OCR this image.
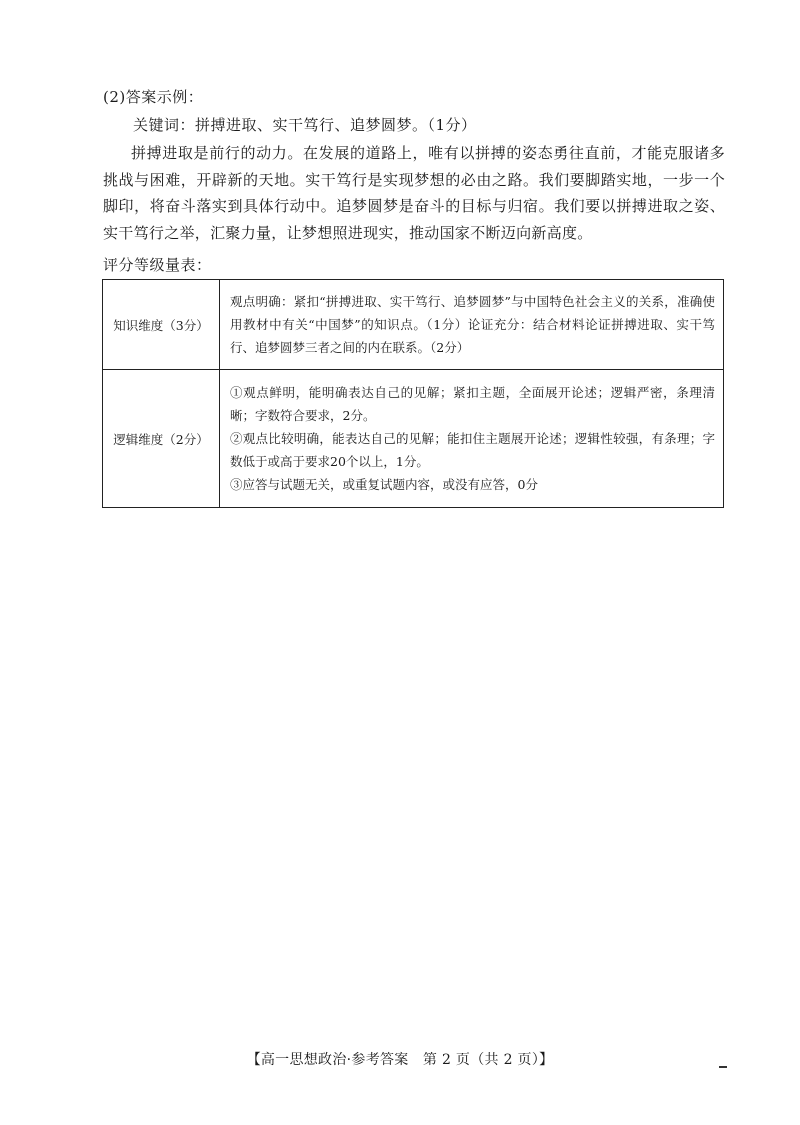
(2)答案示例：
关键词：拼搏进取、实干笃行、追梦圆梦。（1分）
拼搏进取是前行的动力。在发展的道路上，唯有以拼搏的姿态勇往直前，才能克服诸多挑战与困难，开辟新的天地。实干笃行是实现梦想的必由之路。我们要脚踏实地，一步一个脚印，将奋斗落实到具体行动中。追梦圆梦是奋斗的目标与归宿。我们要以拼搏进取之姿、实干笃行之举，汇聚力量，让梦想照进现实，推动国家不断迈向新高度。
评分等级量表：
知识维度（3分）	观点明确：紧扣“拼搏进取、实干笃行、追梦圆梦”与中国特色社会主义的关系，准确使用教材中有关“中国梦”的知识点。（1分）论证充分：结合材料论证拼搏进取、实干笃行、追梦圆梦三者之间的内在联系。（2分）

逻辑维度（2分）	①观点鲜明，能明确表达自己的见解；紧扣主题，全面展开论述；逻辑严密，条理清晰；字数符合要求，2分。

②观点比较明确，能表达自己的见解；能扣住主题展开论述；逻辑性较强，有条理；字数低于或高于要求20个以上，1分。

③应答与试题无关，或重复试题内容，或没有应答，0分

【高一思想政治·参考答案　第 2 页（共 2 页）】
